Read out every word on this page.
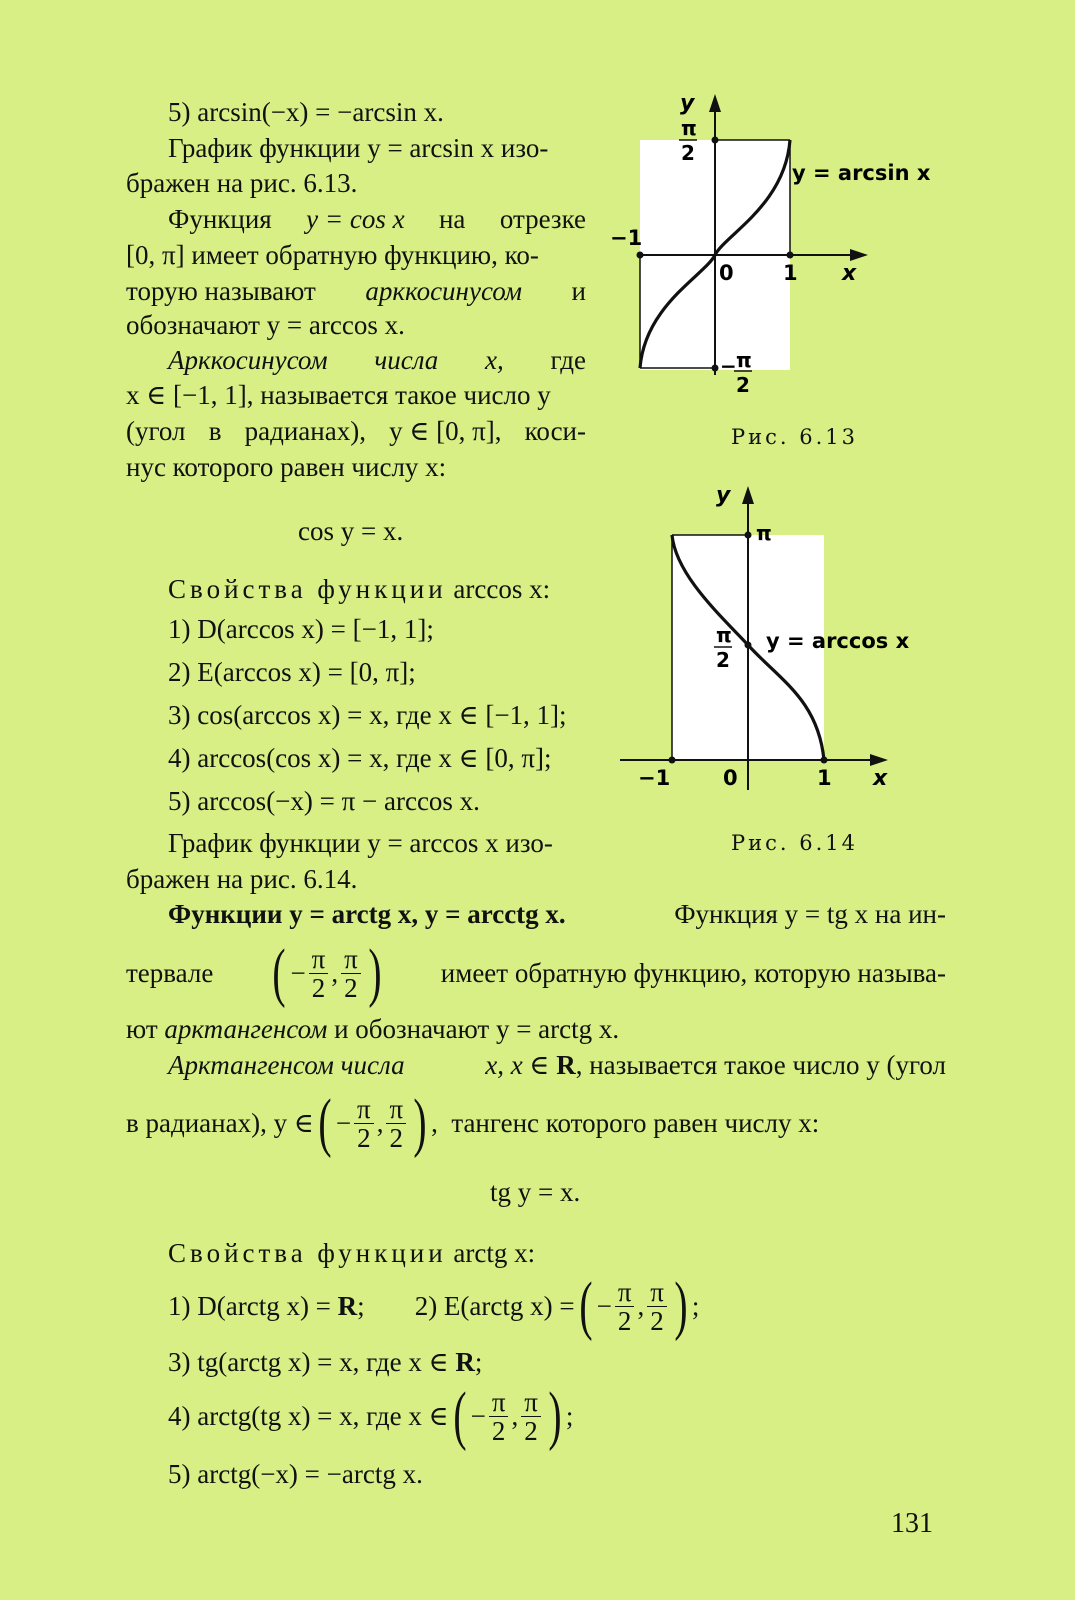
5) arcsin(−x) = −arcsin x.
График функции y = arcsin x изо-
бражен на рис. 6.13.
Функция y = cos x на отрезке
[0, π] имеет обратную функцию, ко-
торую называют арккосинусом и
обозначают y = arccos x.
Арккосинусом числа x, где
x ∈ [−1, 1], называется такое число y
(угол в радианах), y ∈ [0, π], коси-
нус которого равен числу x:
cos y = x.
Свойства функции arccos x:
1) D(arccos x) = [−1, 1];
2) E(arccos x) = [0, π];
3) cos(arccos x) = x, где x ∈ [−1, 1];
4) arccos(cos x) = x, где x ∈ [0, π];
5) arccos(−x) = π − arccos x.
График функции y = arccos x изо-
бражен на рис. 6.14.
y
π
2
y = arcsin x
−1
0 1 x
− π
2
Рис. 6.13
y
π
π
2
y = arccos x
−1	0	1 x
Рис. 6.14
Функции y = arctg x, y = arcctg x.	Функция y = tg x на ин-
тервале ( − $\frac{\pi}{2}$ , $\frac{\pi}{2}$ ) имеет обратную функцию, которую называ-
ют арктангенсом и обозначают y = arctg x.
Арктангенсом числа	x, x ∈ R, называется такое число y (угол
в радианах), y ∈ ( − $\frac{\pi}{2}$ , $\frac{\pi}{2}$ ) ,  тангенс которого равен числу x:
tg y = x.
Свойства функции arctg x:
1) D(arctg x) = R; 2) E(arctg x) = ( − $\frac{\pi}{2}$ , $\frac{\pi}{2}$ ) ;
3) tg(arctg x) = x, где x ∈ R;
4) arctg(tg x) = x, где x ∈ ( − $\frac{\pi}{2}$ , $\frac{\pi}{2}$ ) ;
5) arctg(−x) = −arctg x.
131
